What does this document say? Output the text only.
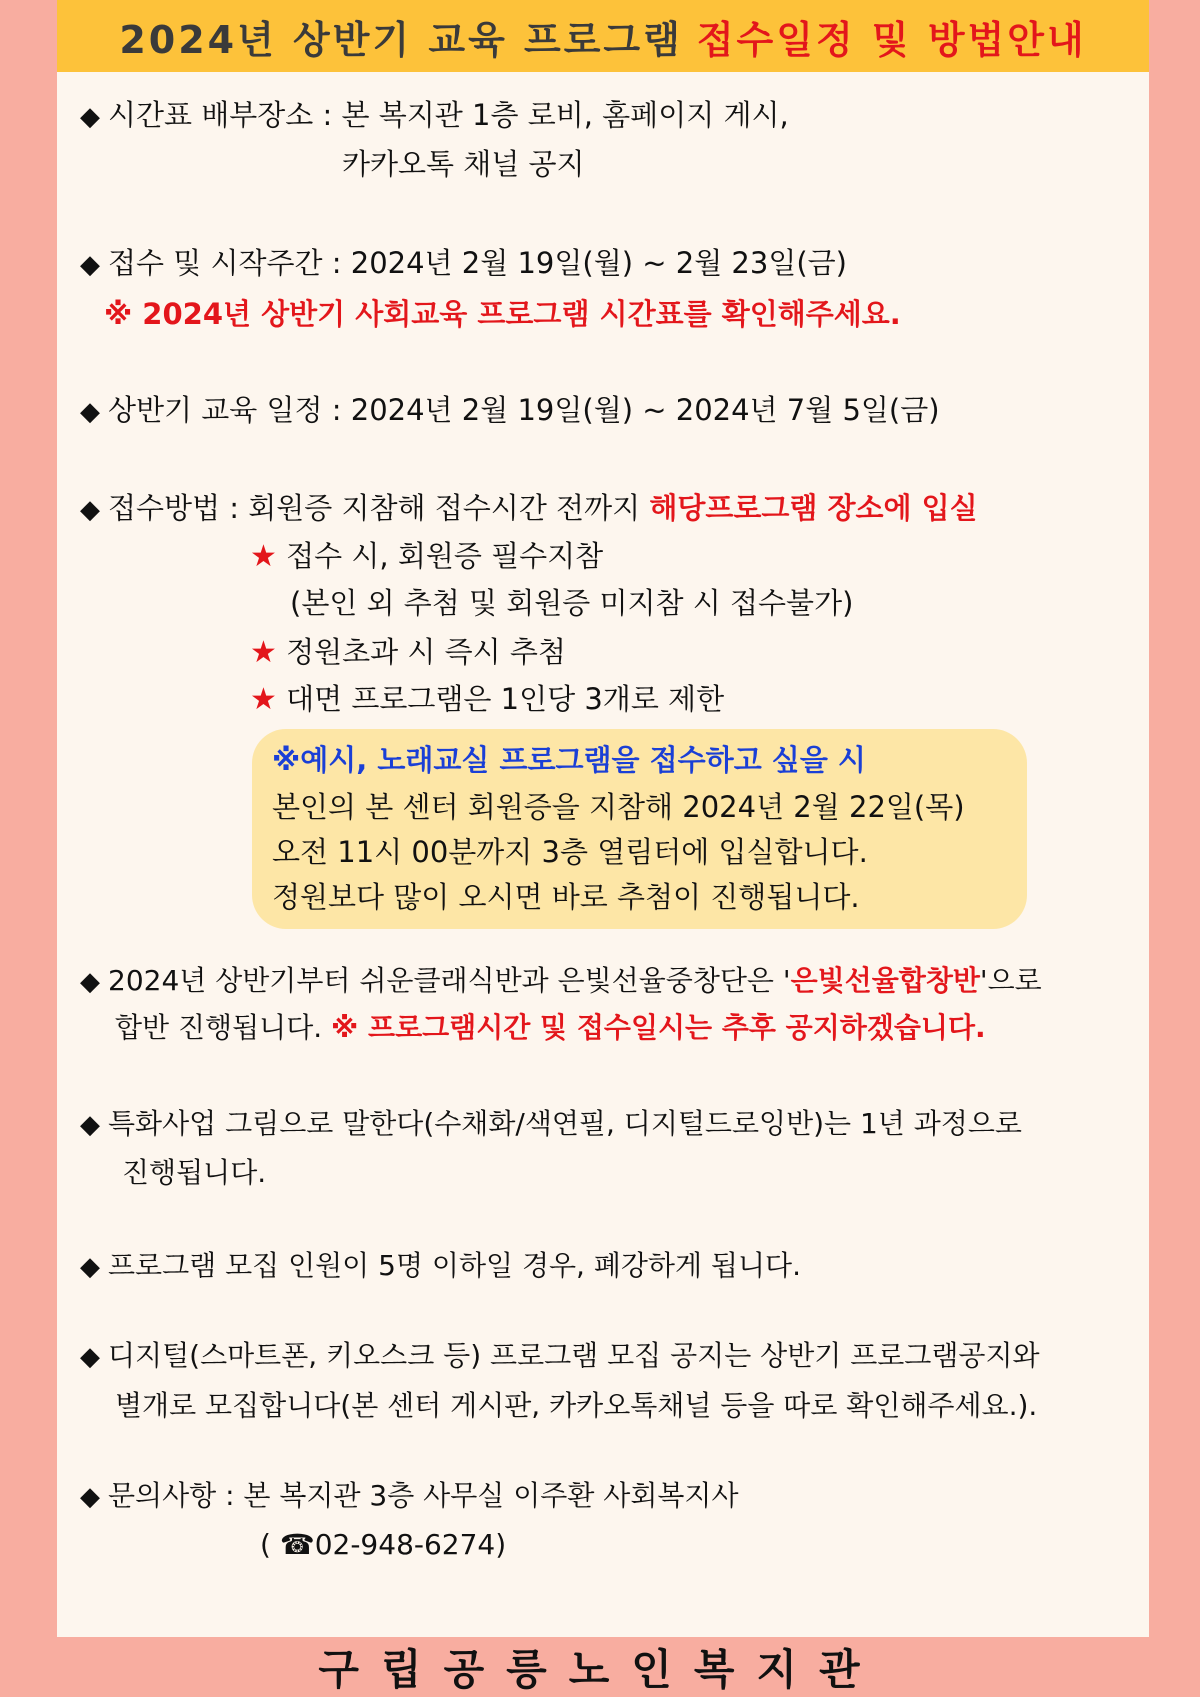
2024년 상반기 교육 프로그램 접수일정 및 방법안내
◆ 시간표 배부장소 : 본 복지관 1층 로비, 홈페이지 게시,
카카오톡 채널 공지
◆ 접수 및 시작주간 : 2024년 2월 19일(월) ~ 2월 23일(금)
※ 2024년 상반기 사회교육 프로그램 시간표를 확인해주세요.
◆ 상반기 교육 일정 : 2024년 2월 19일(월) ~ 2024년 7월 5일(금)
◆ 접수방법 : 회원증 지참해 접수시간 전까지 해당프로그램 장소에 입실
★ 접수 시, 회원증 필수지참
(본인 외 추첨 및 회원증 미지참 시 접수불가)
★ 정원초과 시 즉시 추첨
★ 대면 프로그램은 1인당 3개로 제한
※예시, 노래교실 프로그램을 접수하고 싶을 시
본인의 본 센터 회원증을 지참해 2024년 2월 22일(목)
오전 11시 00분까지 3층 열림터에 입실합니다.
정원보다 많이 오시면 바로 추첨이 진행됩니다.
◆ 2024년 상반기부터 쉬운클래식반과 은빛선율중창단은 '은빛선율합창반'으로
합반 진행됩니다. ※ 프로그램시간 및 접수일시는 추후 공지하겠습니다.
◆ 특화사업 그림으로 말한다(수채화/색연필, 디지털드로잉반)는 1년 과정으로
진행됩니다.
◆ 프로그램 모집 인원이 5명 이하일 경우, 폐강하게 됩니다.
◆ 디지털(스마트폰, 키오스크 등) 프로그램 모집 공지는 상반기 프로그램공지와
별개로 모집합니다(본 센터 게시판, 카카오톡채널 등을 따로 확인해주세요.).
◆ 문의사항 : 본 복지관 3층 사무실 이주환 사회복지사
( ☎02-948-6274)
구립공릉노인복지관
